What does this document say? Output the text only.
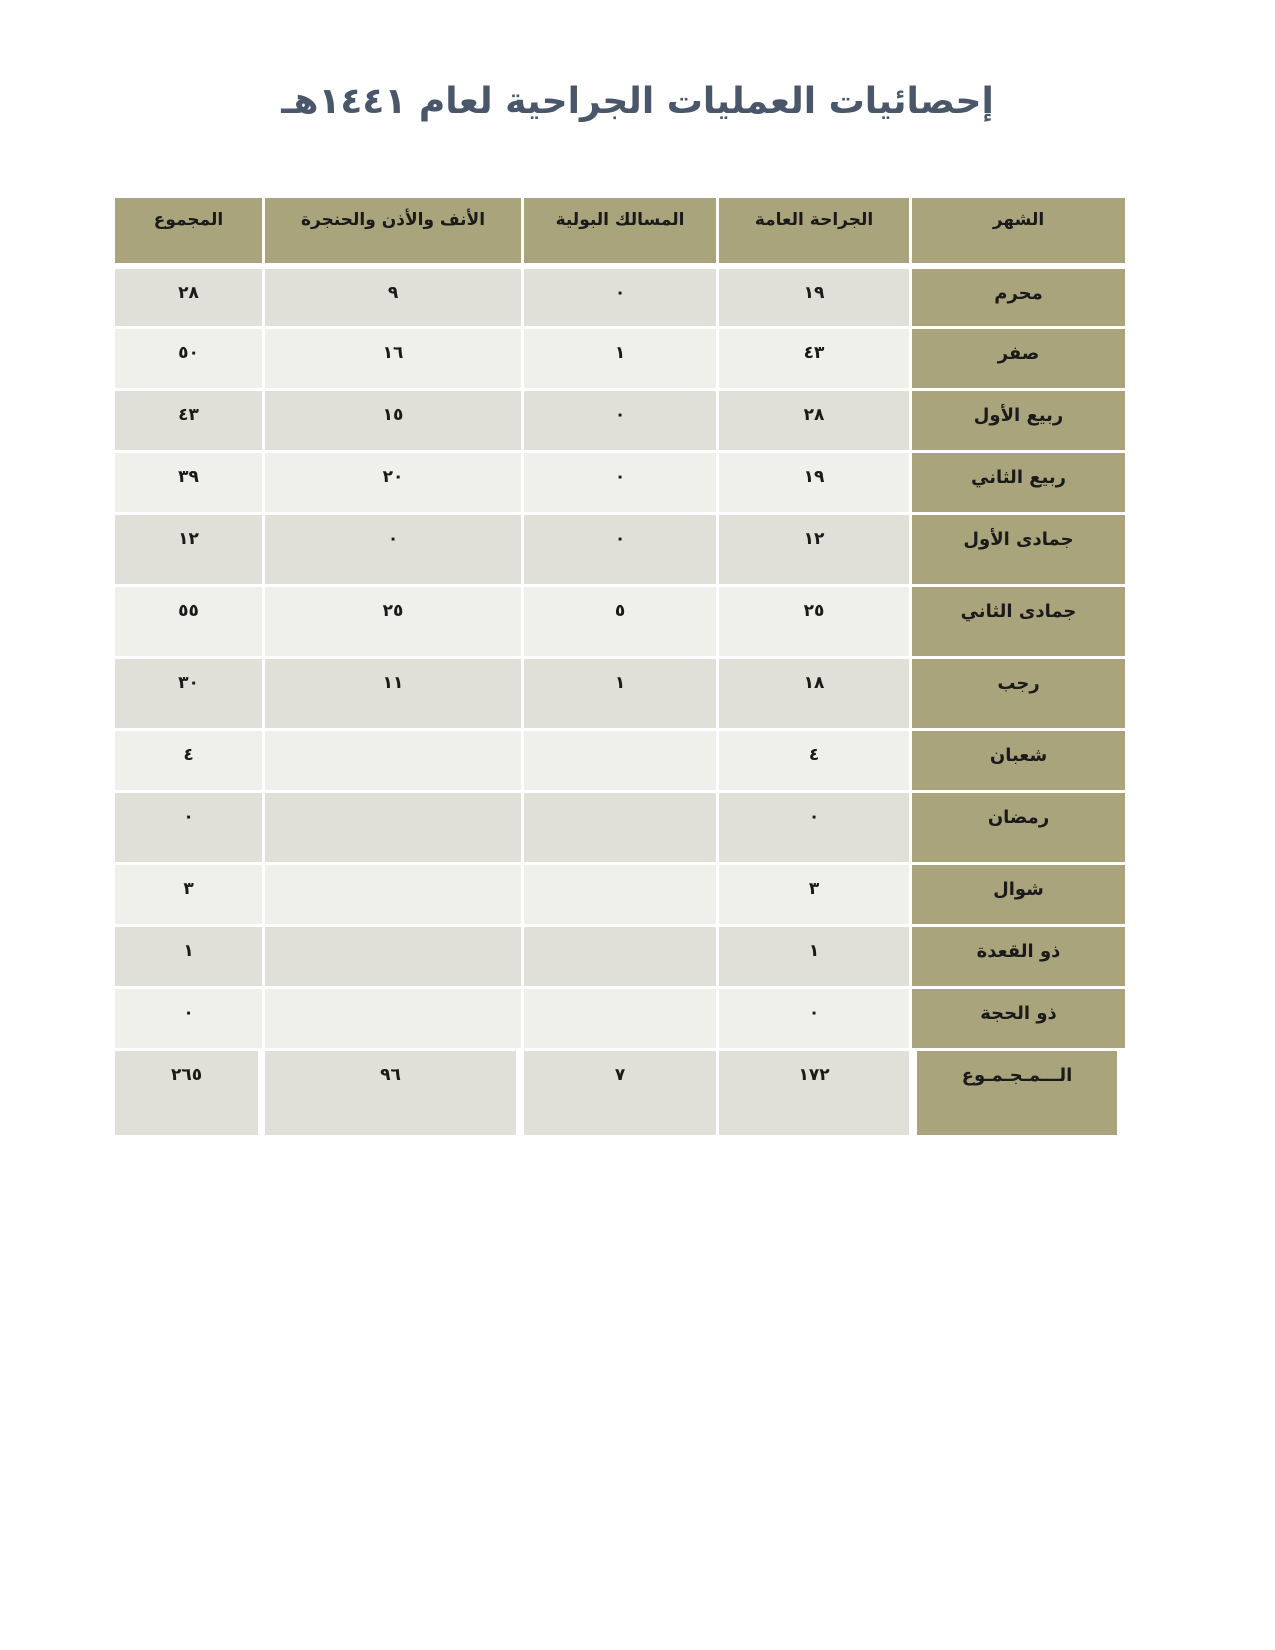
إحصائيات العمليات الجراحية لعام ١٤٤١هـ
الشهر
الجراحة العامة
المسالك البولية
الأنف والأذن والحنجرة
المجموع
محرم
١٩
٠
٩
٢٨
صفر
٤٣
١
١٦
٥٠
ربيع الأول
٢٨
٠
١٥
٤٣
ربيع الثاني
١٩
٠
٢٠
٣٩
جمادى الأول
١٢
٠
٠
١٢
جمادى الثاني
٢٥
٥
٢٥
٥٥
رجب
١٨
١
١١
٣٠
شعبان
٤
٤
رمضان
٠
٠
شوال
٣
٣
ذو القعدة
١
١
ذو الحجة
٠
٠
الـــمـجـمـوع
١٧٢
٧
٩٦
٢٦٥
